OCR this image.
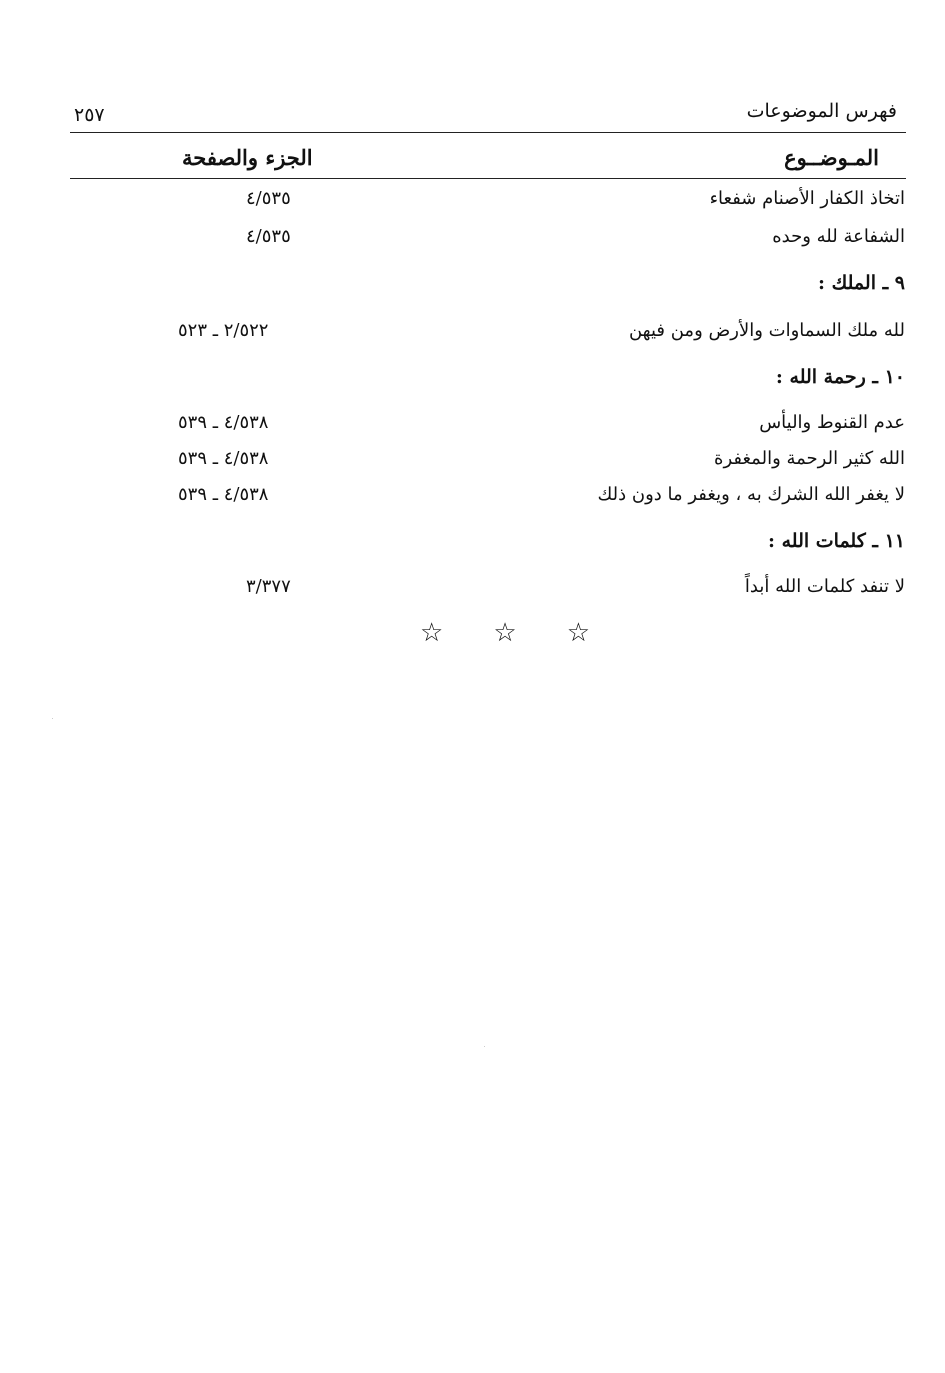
فهرس الموضوعات
٢٥٧
المـوضــوع
الجزء والصفحة
اتخاذ الكفار الأصنام شفعاء
٤/٥٣٥
الشفاعة لله وحده
٤/٥٣٥
٩ ـ الملك :
لله ملك السماوات والأرض ومن فيهن
٢/٥٢٢ ـ ٥٢٣
١٠ ـ رحمة الله :
عدم القنوط واليأس
٤/٥٣٨ ـ ٥٣٩
الله كثير الرحمة والمغفرة
٤/٥٣٨ ـ ٥٣٩
لا يغفر الله الشرك به ، ويغفر ما دون ذلك
٤/٥٣٨ ـ ٥٣٩
١١ ـ كلمات الله :
لا تنفد كلمات الله أبداً
٣/٣٧٧
☆ ☆ ☆
